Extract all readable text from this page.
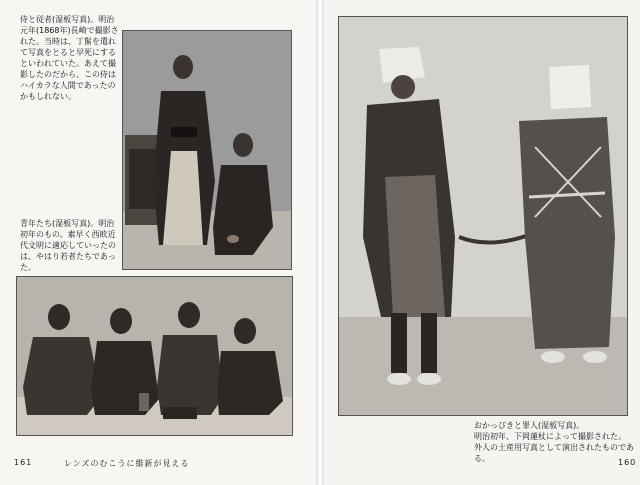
侍と従者(湿板写真)。明治
元年(1868年)長崎で撮影さ
れた。当時は、丁髷を遣れ
て写真をとると早死にする
といわれていた。あえて撮
影したのだから、この侍は
ハイカラな人間であったの
かもしれない。
青年たち(湿板写真)。明治
初年のもの。素早く西欧近
代文明に適応していったの
は、やはり若者たちであっ
た。
161	レンズのむこうに維新が見える
おかっぴきと罪人(湿板写真)。
明治初年、下岡蓮杖によって撮影された。
外人の土産用写真として演出されたものである。	160
